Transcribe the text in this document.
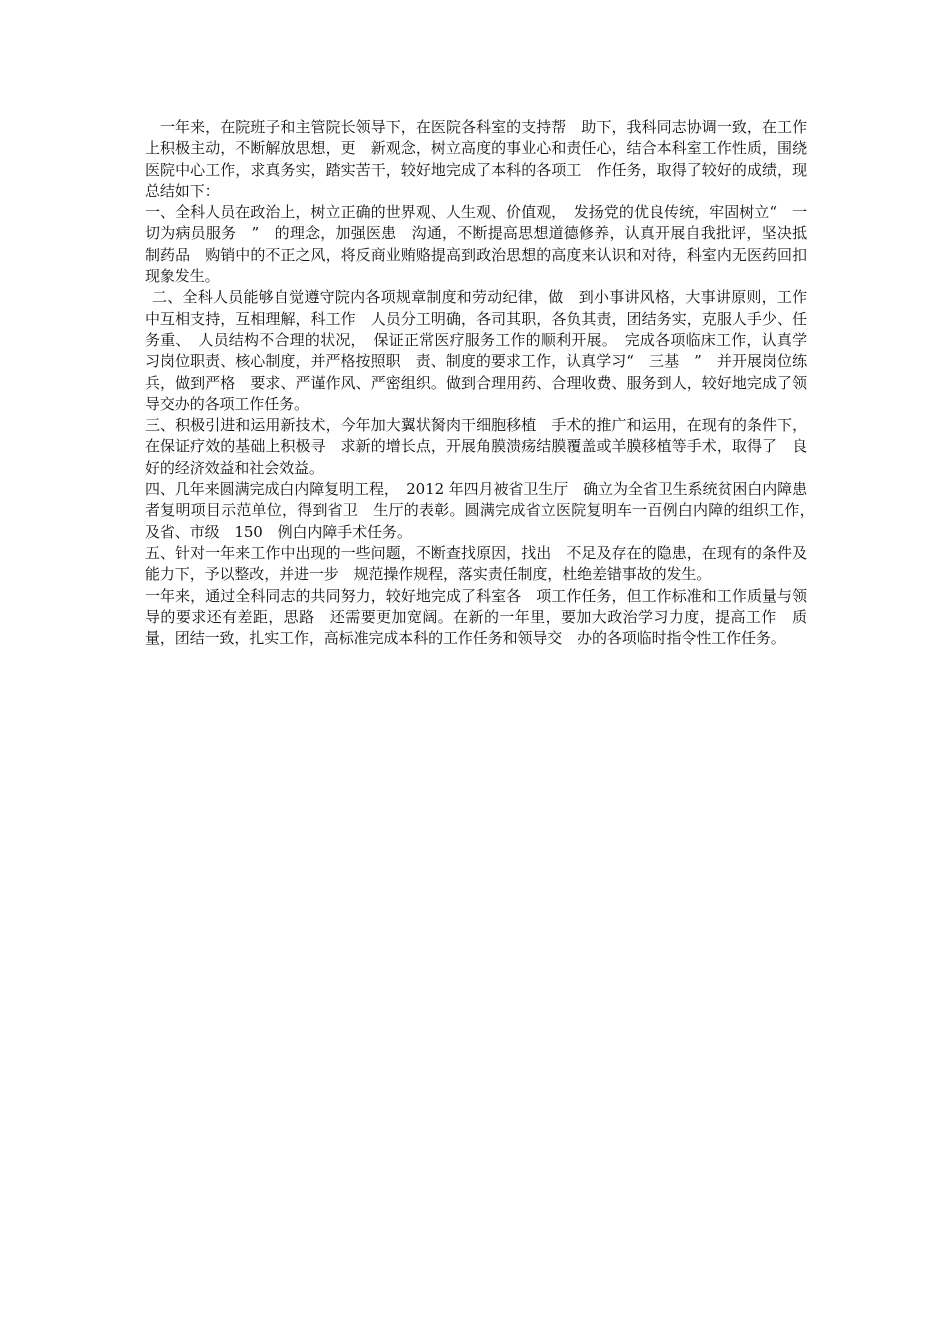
一年来，在院班子和主管院长领导下，在医院各科室的支持帮　助下，我科同志协调一致，在工作上积极主动，不断解放思想，更　新观念，树立高度的事业心和责任心，结合本科室工作性质，围绕　医院中心工作，求真务实，踏实苦干，较好地完成了本科的各项工　作任务，取得了较好的成绩，现总结如下：

一、全科人员在政治上，树立正确的世界观、人生观、价值观，　发扬党的优良传统，牢固树立“　一切为病员服务　”　的理念，加强医患　沟通，不断提高思想道德修养，认真开展自我批评，坚决抵制药品　购销中的不正之风，将反商业贿赂提高到政治思想的高度来认识和对待，科室内无医药回扣现象发生。

二、全科人员能够自觉遵守院内各项规章制度和劳动纪律，做　到小事讲风格，大事讲原则，工作中互相支持，互相理解，科工作　人员分工明确，各司其职，各负其责，团结务实，克服人手少、任　务重、　人员结构不合理的状况，　保证正常医疗服务工作的顺利开展。　完成各项临床工作，认真学习岗位职责、核心制度，并严格按照职　责、制度的要求工作，认真学习“　三基　”　并开展岗位练兵，做到严格　要求、严谨作风、严密组织。做到合理用药、合理收费、服务到人，较好地完成了领导交办的各项工作任务。

三、积极引进和运用新技术，今年加大翼状胬肉干细胞移植　手术的推广和运用，在现有的条件下，在保证疗效的基础上积极寻　求新的增长点，开展角膜溃疡结膜覆盖或羊膜移植等手术，取得了　良好的经济效益和社会效益。

四、几年来圆满完成白内障复明工程，　2012 年四月被省卫生厅　确立为全省卫生系统贫困白内障患者复明项目示范单位，得到省卫　生厅的表彰。圆满完成省立医院复明车一百例白内障的组织工作，　及省、市级　150　例白内障手术任务。

五、针对一年来工作中出现的一些问题，不断查找原因，找出　不足及存在的隐患，在现有的条件及能力下，予以整改，并进一步　规范操作规程，落实责任制度，杜绝差错事故的发生。

一年来，通过全科同志的共同努力，较好地完成了科室各　项工作任务，但工作标准和工作质量与领导的要求还有差距，思路　还需要更加宽阔。在新的一年里，要加大政治学习力度，提高工作　质量，团结一致，扎实工作，高标准完成本科的工作任务和领导交　办的各项临时指令性工作任务。
